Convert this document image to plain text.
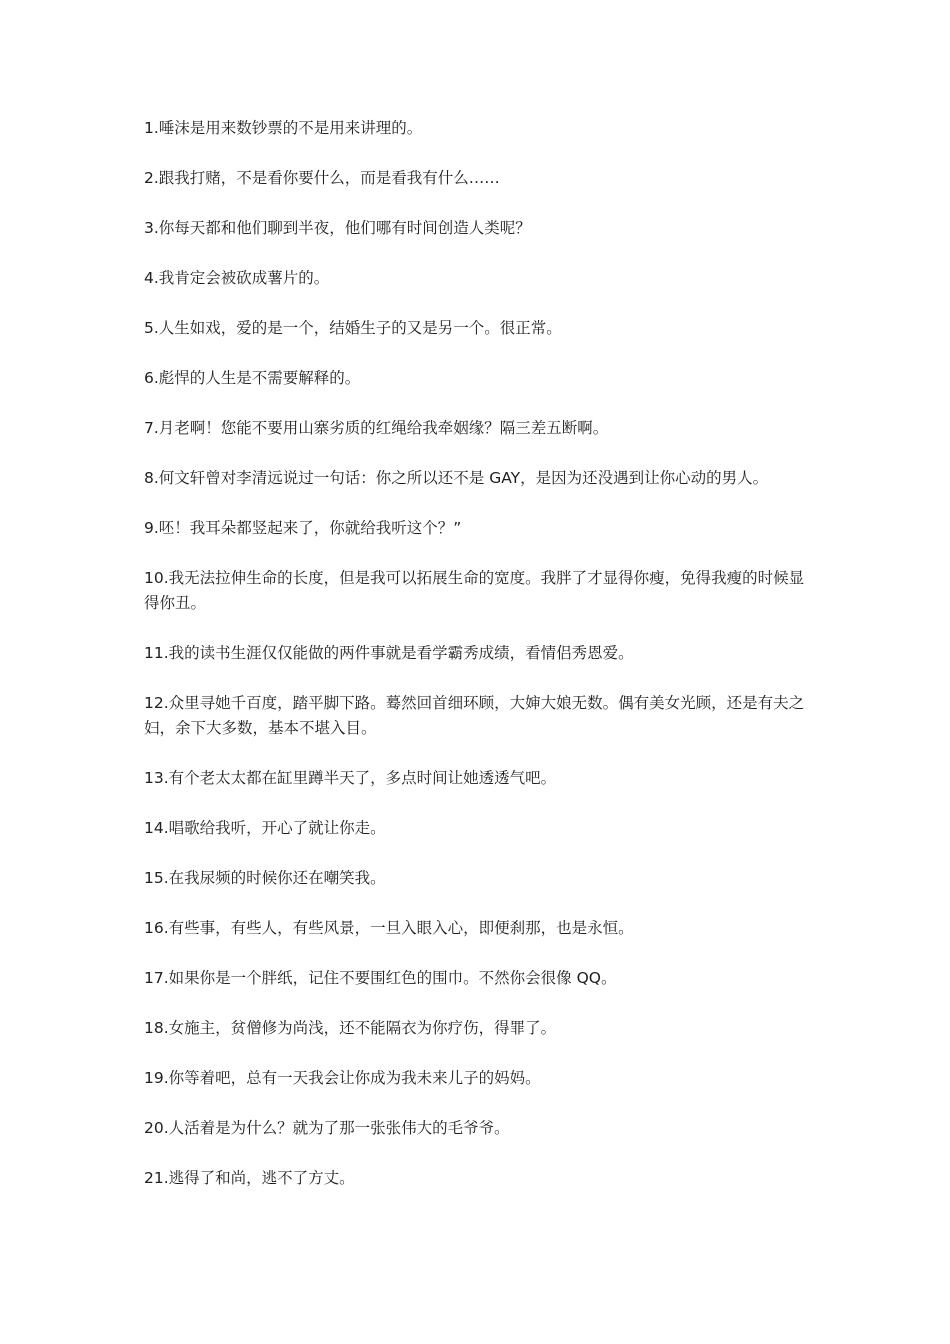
1.唾沫是用来数钞票的不是用来讲理的。

2.跟我打赌，不是看你要什么，而是看我有什么……

3.你每天都和他们聊到半夜，他们哪有时间创造人类呢？

4.我肯定会被砍成薯片的。

5.人生如戏，爱的是一个，结婚生子的又是另一个。很正常。

6.彪悍的人生是不需要解释的。

7.月老啊！您能不要用山寨劣质的红绳给我牵姻缘？隔三差五断啊。

8.何文轩曾对李清远说过一句话：你之所以还不是 GAY，是因为还没遇到让你心动的男人。

9.呸！我耳朵都竖起来了，你就给我听这个？”

10.我无法拉伸生命的长度，但是我可以拓展生命的宽度。我胖了才显得你瘦，免得我瘦的时候显得你丑。

11.我的读书生涯仅仅能做的两件事就是看学霸秀成绩，看情侣秀恩爱。

12.众里寻她千百度，踏平脚下路。蓦然回首细环顾，大婶大娘无数。偶有美女光顾，还是有夫之妇，余下大多数，基本不堪入目。

13.有个老太太都在缸里蹲半天了，多点时间让她透透气吧。

14.唱歌给我听，开心了就让你走。

15.在我尿频的时候你还在嘲笑我。

16.有些事，有些人，有些风景，一旦入眼入心，即便刹那，也是永恒。

17.如果你是一个胖纸，记住不要围红色的围巾。不然你会很像 QQ。

18.女施主，贫僧修为尚浅，还不能隔衣为你疗伤，得罪了。

19.你等着吧，总有一天我会让你成为我未来儿子的妈妈。

20.人活着是为什么？就为了那一张张伟大的毛爷爷。

21.逃得了和尚，逃不了方丈。
